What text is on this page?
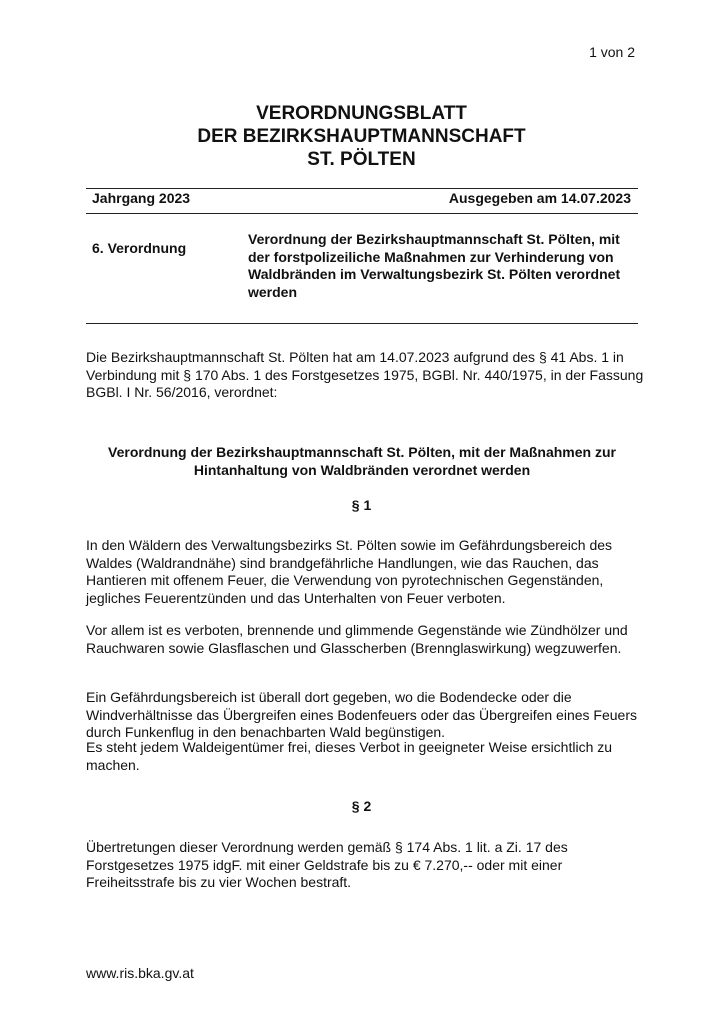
1 von 2
VERORDNUNGSBLATT
DER BEZIRKSHAUPTMANNSCHAFT
ST. PÖLTEN
Jahrgang 2023	Ausgegeben am 14.07.2023
6. Verordnung
Verordnung der Bezirkshauptmannschaft St. Pölten, mit der forstpolizeiliche Maßnahmen zur Verhinderung von Waldbränden im Verwaltungsbezirk St. Pölten verordnet werden
Die Bezirkshauptmannschaft St. Pölten hat am 14.07.2023 aufgrund des § 41 Abs. 1 in Verbindung mit § 170 Abs. 1 des Forstgesetzes 1975, BGBl. Nr. 440/1975, in der Fassung BGBl. I Nr. 56/2016, verordnet:
Verordnung der Bezirkshauptmannschaft St. Pölten, mit der Maßnahmen zur Hintanhaltung von Waldbränden verordnet werden
§ 1
In den Wäldern des Verwaltungsbezirks St. Pölten sowie im Gefährdungsbereich des Waldes (Waldrandnähe) sind brandgefährliche Handlungen, wie das Rauchen, das Hantieren mit offenem Feuer, die Verwendung von pyrotechnischen Gegenständen, jegliches Feuerentzünden und das Unterhalten von Feuer verboten.
Vor allem ist es verboten, brennende und glimmende Gegenstände wie Zündhölzer und Rauchwaren sowie Glasflaschen und Glasscherben (Brennglaswirkung) wegzuwerfen.
Ein Gefährdungsbereich ist überall dort gegeben, wo die Bodendecke oder die Windverhältnisse das Übergreifen eines Bodenfeuers oder das Übergreifen eines Feuers durch Funkenflug in den benachbarten Wald begünstigen.
Es steht jedem Waldeigentümer frei, dieses Verbot in geeigneter Weise ersichtlich zu machen.
§ 2
Übertretungen dieser Verordnung werden gemäß § 174 Abs. 1 lit. a Zi. 17 des Forstgesetzes 1975 idgF. mit einer Geldstrafe bis zu € 7.270,-- oder mit einer Freiheitsstrafe bis zu vier Wochen bestraft.
www.ris.bka.gv.at
